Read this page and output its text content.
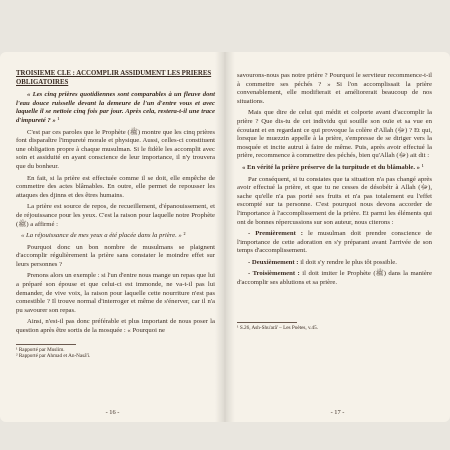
TROISIEME CLE : ACCOMPLIR ASSIDUMENT LES PRIERES OBLIGATOIRES

« Les cinq prières quotidiennes sont comparables à un fleuve dont l'eau douce ruisselle devant la demeure de l'un d'entre vous et avec laquelle il se nettoie cinq fois par jour. Après cela, restera-t-il une trace d'impureté ? » ¹

C'est par ces paroles que le Prophète (ﷺ) montre que les cinq prières font disparaître l'impureté morale et physique. Aussi, celles-ci constituent une obligation propre à chaque musulman. Si le fidèle les accomplit avec soin et assiduité en ayant conscience de leur importance, il n'y trouvera que du bonheur.

En fait, si la prière est effectuée comme il se doit, elle empêche de commettre des actes blâmables. En outre, elle permet de repousser les attaques des djinns et des êtres humains.

La prière est source de repos, de recueillement, d'épanouissement, et de réjouissance pour les yeux. C'est la raison pour laquelle notre Prophète (ﷺ) a affirmé :

« La réjouissance de mes yeux a été placée dans la prière. » ²

Pourquoi donc un bon nombre de musulmans se plaignent d'accomplir régulièrement la prière sans constater le moindre effet sur leurs personnes ?

Prenons alors un exemple : si l'un d'entre nous mange un repas que lui a préparé son épouse et que celui-ci est immonde, ne va-t-il pas lui demander, de vive voix, la raison pour laquelle cette nourriture n'est pas comestible ? Il trouve normal d'interroger et même de s'énerver, car il n'a pu savourer son repas.

Ainsi, n'est-il pas donc préférable et plus important de nous poser la question après être sortis de la mosquée : « Pourquoi ne

¹ Rapporté par Muslim.

² Rapporté par Ahmad et An-Nasâ'î.

- 16 -

savourons-nous pas notre prière ? Pourquoi le serviteur recommence-t-il à commettre ses péchés ? » Si l'on accomplissait la prière convenablement, elle modifierait et améliorerait beaucoup de nos situations.

Mais que dire de celui qui médit et colporte avant d'accomplir la prière ? Que dis-tu de cet individu qui souille son ouïe et sa vue en écoutant et en regardant ce qui provoque la colère d'Allah (ﷻ) ? Et qui, lorsque le muezzin appelle à la prière, s'empresse de se diriger vers la mosquée et incite autrui à faire de même. Puis, après avoir effectué la prière, recommence à commettre des péchés, bien qu'Allah (ﷻ) ait dit :

« En vérité la prière préserve de la turpitude et du blâmable. » ¹

Par conséquent, si tu constates que ta situation n'a pas changé après avoir effectué la prière, et que tu ne cesses de désobéir à Allah (ﷻ), sache qu'elle n'a pas porté ses fruits et n'a pas totalement eu l'effet escompté sur ta personne. C'est pourquoi nous devons accorder de l'importance à l'accomplissement de la prière. Et parmi les éléments qui ont de bonnes répercussions sur son auteur, nous citerons :

- Premièrement : le musulman doit prendre conscience de l'importance de cette adoration en s'y préparant avant l'arrivée de son temps d'accomplissement.

- Deuxièmement : il doit s'y rendre le plus tôt possible.

- Troisièmement : il doit imiter le Prophète (ﷺ) dans la manière d'accomplir ses ablutions et sa prière.

¹ S.26, Ash-Shu'arâ' – Les Poètes, v.45.

- 17 -
